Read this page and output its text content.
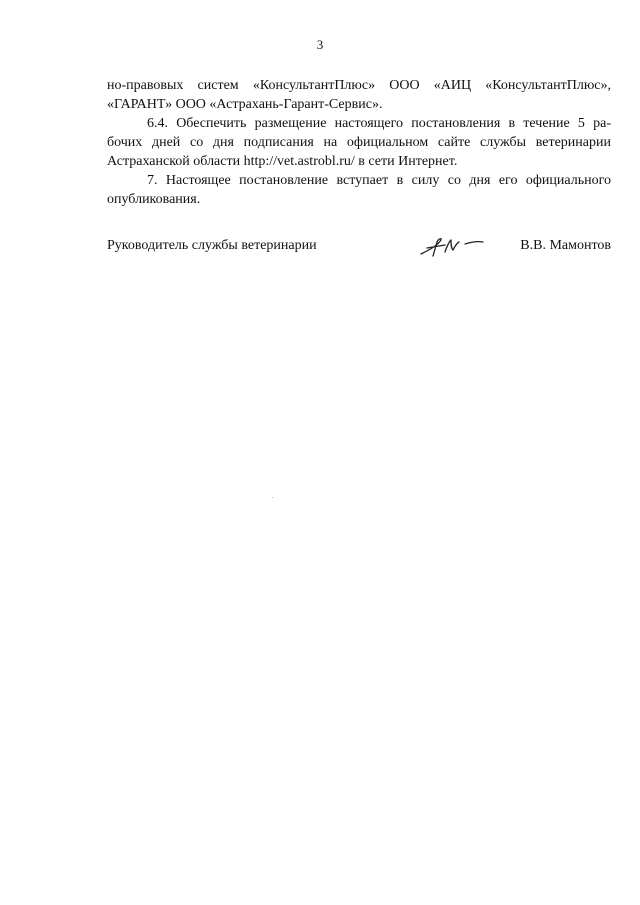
3

но-правовых систем «КонсультантПлюс» ООО «АИЦ «КонсультантПлюс»,
«ГАРАНТ» ООО «Астрахань-Гарант-Сервис».

6.4. Обеспечить размещение настоящего постановления в течение 5 ра-
бочих дней со дня подписания на официальном сайте службы ветеринарии
Астраханской области http://vet.astrobl.ru/ в сети Интернет.

7. Настоящее постановление вступает в силу со дня его официального
опубликования.

Руководитель службы ветеринарии	В.В. Мамонтов
